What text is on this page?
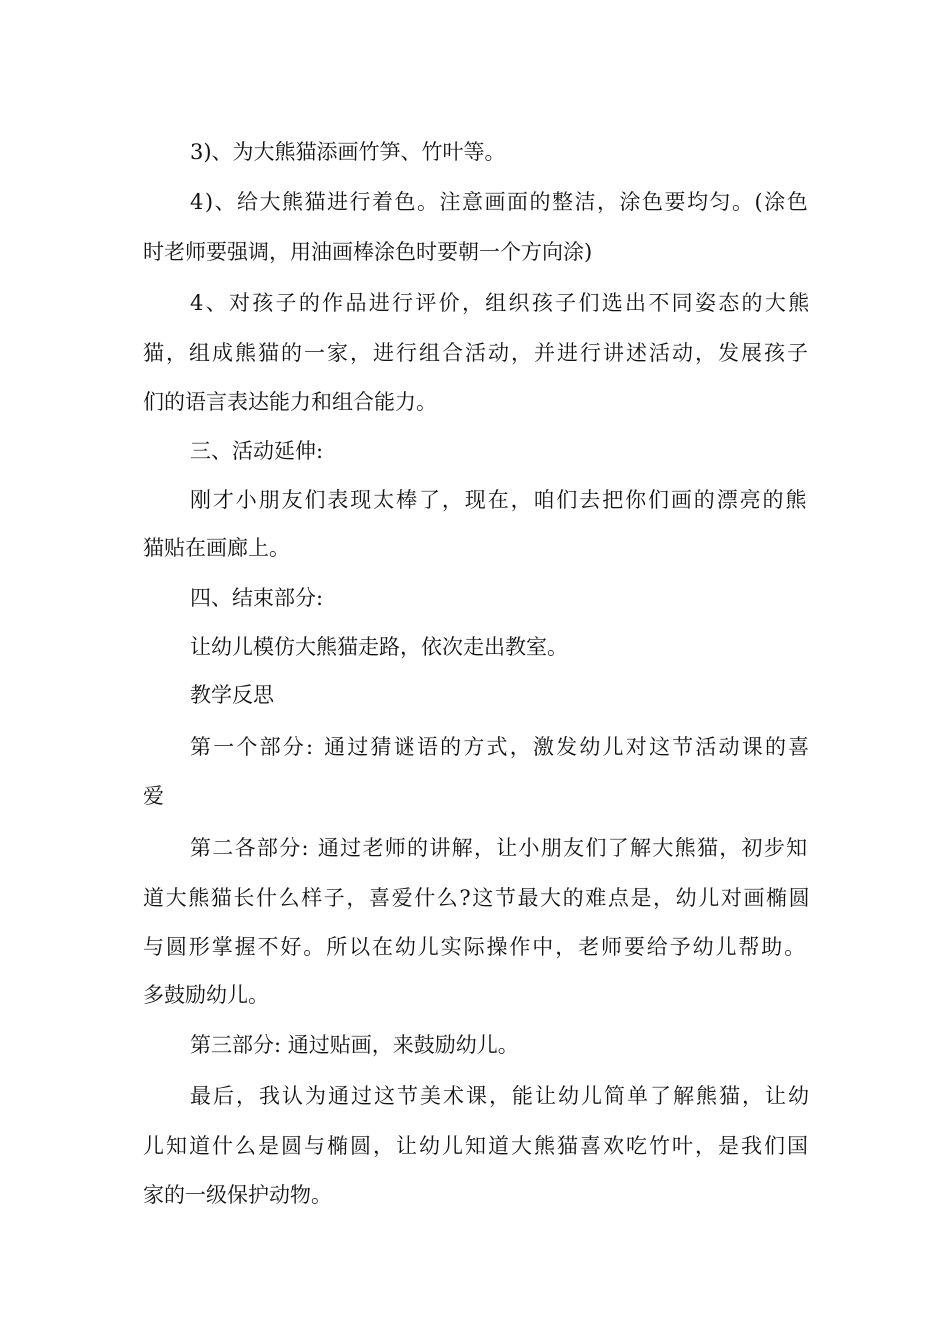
3)、为大熊猫添画竹笋、竹叶等。
4)、给大熊猫进行着色。注意画面的整洁，涂色要均匀。(涂色
时老师要强调，用油画棒涂色时要朝一个方向涂)
4、对孩子的作品进行评价，组织孩子们选出不同姿态的大熊
猫，组成熊猫的一家，进行组合活动，并进行讲述活动，发展孩子
们的语言表达能力和组合能力。
三、活动延伸:
刚才小朋友们表现太棒了，现在，咱们去把你们画的漂亮的熊
猫贴在画廊上。
四、结束部分:
让幼儿模仿大熊猫走路，依次走出教室。
教学反思
第一个部分: 通过猜谜语的方式，激发幼儿对这节活动课的喜
爱
第二各部分: 通过老师的讲解，让小朋友们了解大熊猫，初步知
道大熊猫长什么样子，喜爱什么?这节最大的难点是，幼儿对画椭圆
与圆形掌握不好。所以在幼儿实际操作中，老师要给予幼儿帮助。
多鼓励幼儿。
第三部分: 通过贴画，来鼓励幼儿。
最后，我认为通过这节美术课，能让幼儿简单了解熊猫，让幼
儿知道什么是圆与椭圆，让幼儿知道大熊猫喜欢吃竹叶，是我们国
家的一级保护动物。
